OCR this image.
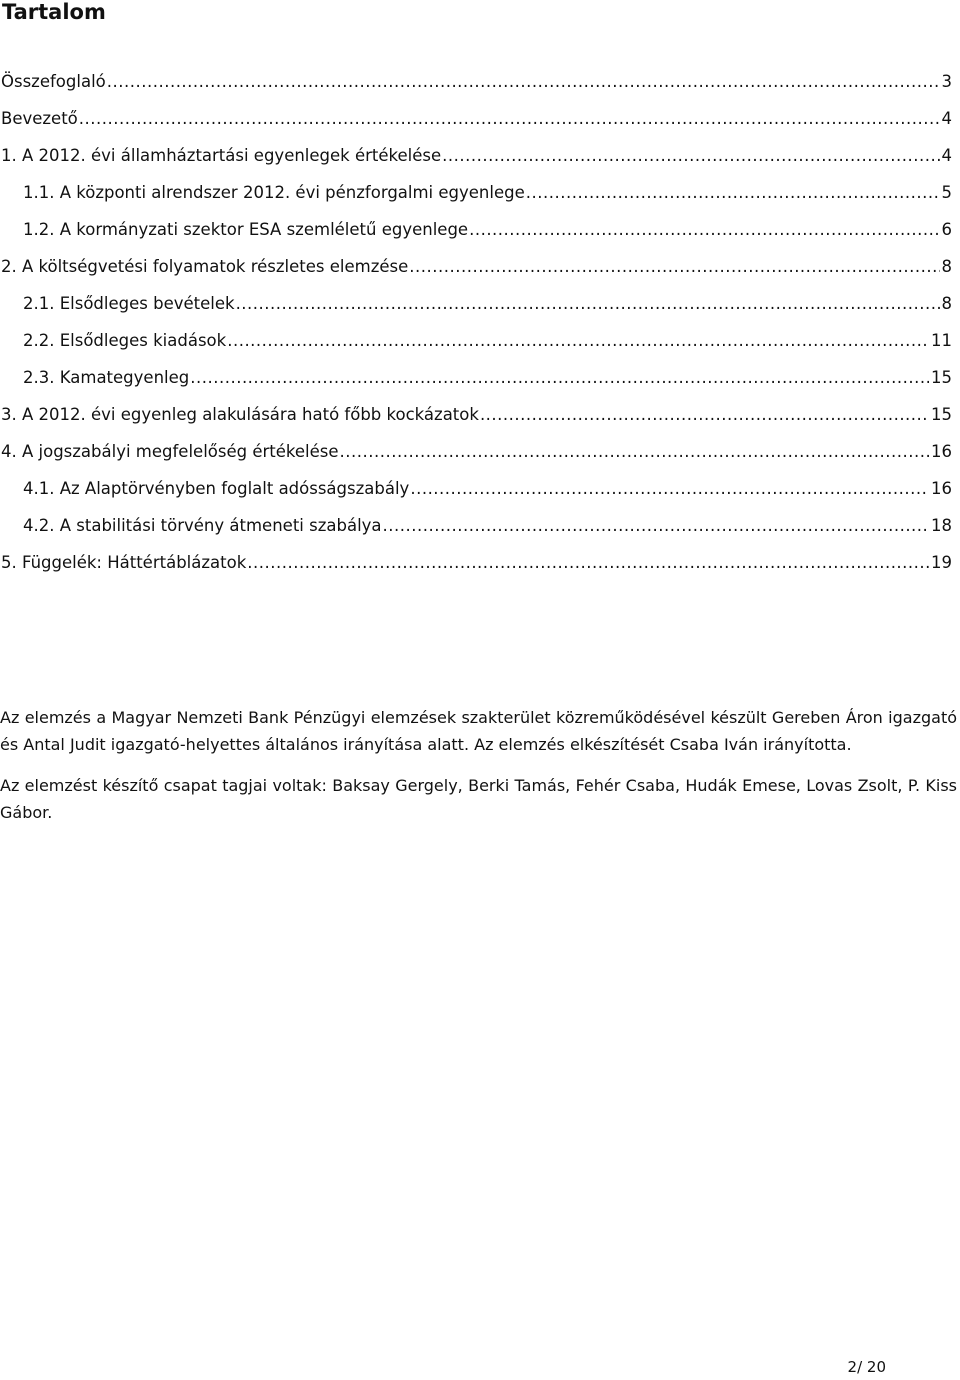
Tartalom
Összefoglaló .....	3
Bevezető .....	4
1. A 2012. évi államháztartási egyenlegek értékelése .....	4
1.1. A központi alrendszer 2012. évi pénzforgalmi egyenlege .....	5
1.2. A kormányzati szektor ESA szemléletű egyenlege .....	6
2. A költségvetési folyamatok részletes elemzése .....	8
2.1. Elsődleges bevételek .....	8
2.2. Elsődleges kiadások .....	11
2.3. Kamategyenleg .....	15
3. A 2012. évi egyenleg alakulására ható főbb kockázatok .....	15
4. A jogszabályi megfelelőség értékelése .....	16
4.1. Az Alaptörvényben foglalt adósságszabály .....	16
4.2. A stabilitási törvény átmeneti szabálya .....	18
5. Függelék: Háttértáblázatok .....	19

Az elemzés a Magyar Nemzeti Bank Pénzügyi elemzések szakterület közreműködésével készült Gereben Áron igazgató és Antal Judit igazgató-helyettes általános irányítása alatt. Az elemzés elkészítését Csaba Iván irányította.

Az elemzést készítő csapat tagjai voltak: Baksay Gergely, Berki Tamás, Fehér Csaba, Hudák Emese, Lovas Zsolt, P. Kiss Gábor.

2/ 20
